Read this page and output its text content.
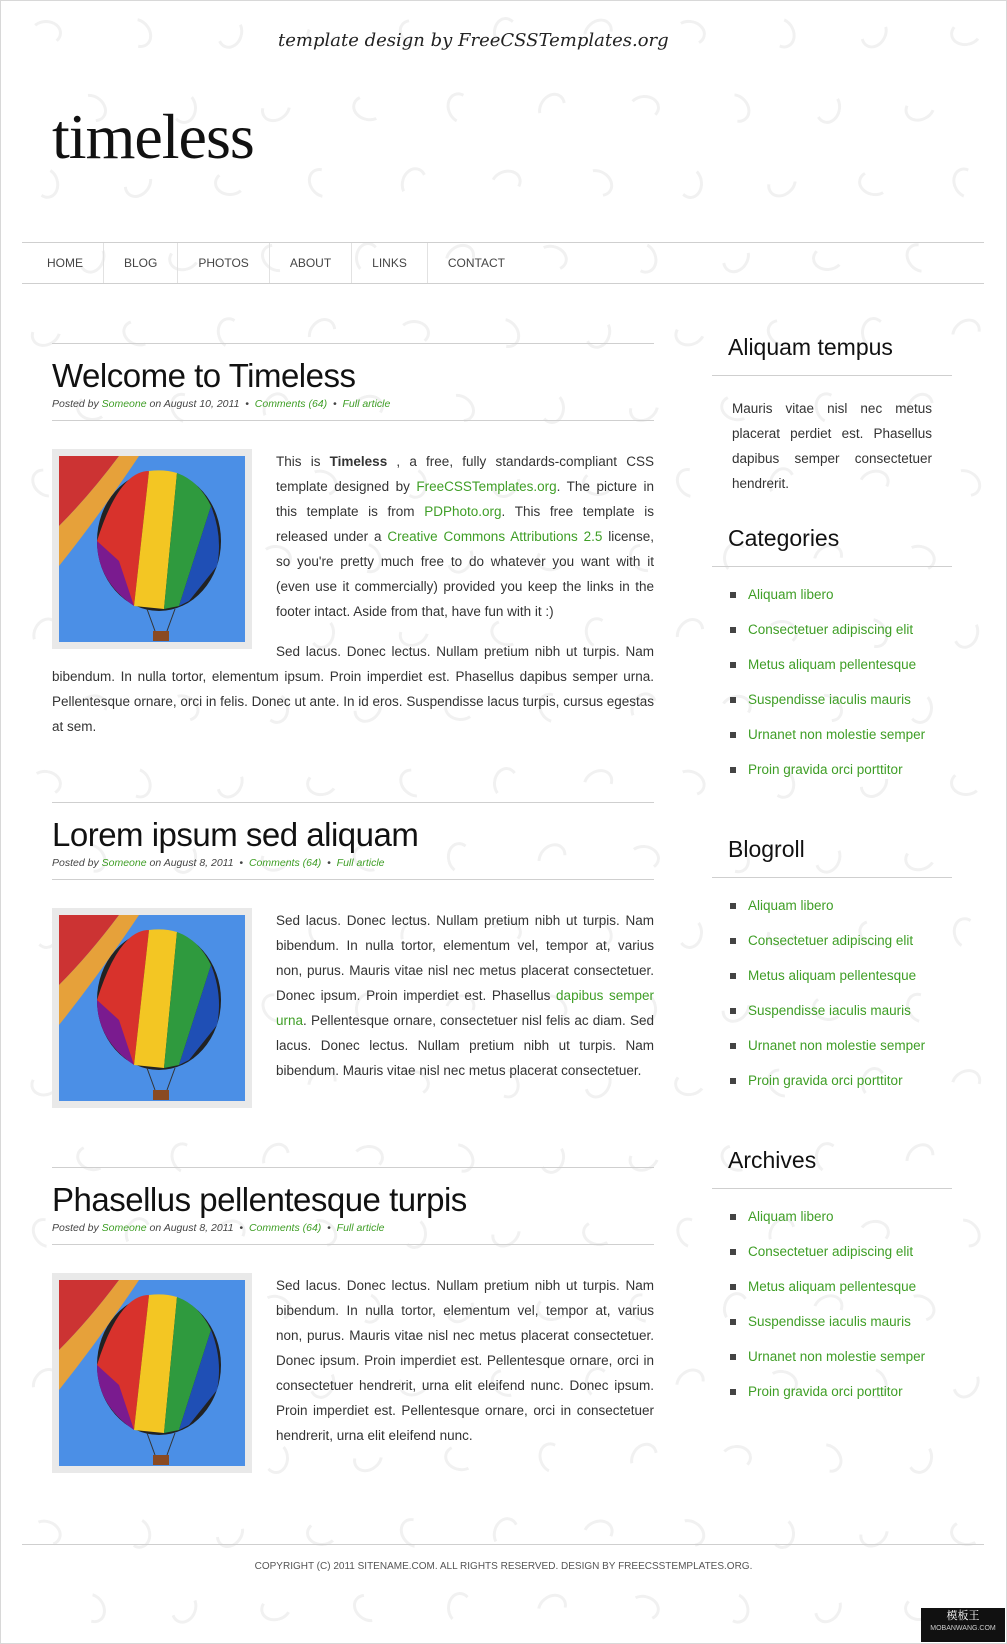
template design by FreeCSSTemplates.org
timeless
HOME	BLOG	PHOTOS	ABOUT	LINKS	CONTACT
Welcome to Timeless
Posted by Someone on August 10, 2011  •  Comments (64)  •  Full article

This is Timeless , a free, fully standards-compliant CSS template designed by FreeCSSTemplates.org. The picture in this template is from PDPhoto.org. This free template is released under a Creative Commons Attributions 2.5 license, so you're pretty much free to do whatever you want with it (even use it commercially) provided you keep the links in the footer intact. Aside from that, have fun with it :)

Sed lacus. Donec lectus. Nullam pretium nibh ut turpis. Nam bibendum. In nulla tortor, elementum ipsum. Proin imperdiet est. Phasellus dapibus semper urna. Pellentesque ornare, orci in felis. Donec ut ante. In id eros. Suspendisse lacus turpis, cursus egestas at sem.

Lorem ipsum sed aliquam
Posted by Someone on August 8, 2011  •  Comments (64)  •  Full article

Sed lacus. Donec lectus. Nullam pretium nibh ut turpis. Nam bibendum. In nulla tortor, elementum vel, tempor at, varius non, purus. Mauris vitae nisl nec metus placerat consectetuer. Donec ipsum. Proin imperdiet est. Phasellus dapibus semper urna. Pellentesque ornare, consectetuer nisl felis ac diam. Sed lacus. Donec lectus. Nullam pretium nibh ut turpis. Nam bibendum. Mauris vitae nisl nec metus placerat consectetuer.

Phasellus pellentesque turpis
Posted by Someone on August 8, 2011  •  Comments (64)  •  Full article

Sed lacus. Donec lectus. Nullam pretium nibh ut turpis. Nam bibendum. In nulla tortor, elementum vel, tempor at, varius non, purus. Mauris vitae nisl nec metus placerat consectetuer. Donec ipsum. Proin imperdiet est. Pellentesque ornare, orci in consectetuer hendrerit, urna elit eleifend nunc. Donec ipsum. Proin imperdiet est. Pellentesque ornare, orci in consectetuer hendrerit, urna elit eleifend nunc.

Aliquam tempus
Mauris vitae nisl nec metus placerat perdiet est. Phasellus dapibus semper consectetuer hendrerit.
Categories
Aliquam libero
Consectetuer adipiscing elit
Metus aliquam pellentesque
Suspendisse iaculis mauris
Urnanet non molestie semper
Proin gravida orci porttitor
Blogroll
Aliquam libero
Consectetuer adipiscing elit
Metus aliquam pellentesque
Suspendisse iaculis mauris
Urnanet non molestie semper
Proin gravida orci porttitor
Archives
Aliquam libero
Consectetuer adipiscing elit
Metus aliquam pellentesque
Suspendisse iaculis mauris
Urnanet non molestie semper
Proin gravida orci porttitor
COPYRIGHT (C) 2011 SITENAME.COM. ALL RIGHTS RESERVED. DESIGN BY FREECSSTEMPLATES.ORG.
模板王
MOBANWANG.COM
